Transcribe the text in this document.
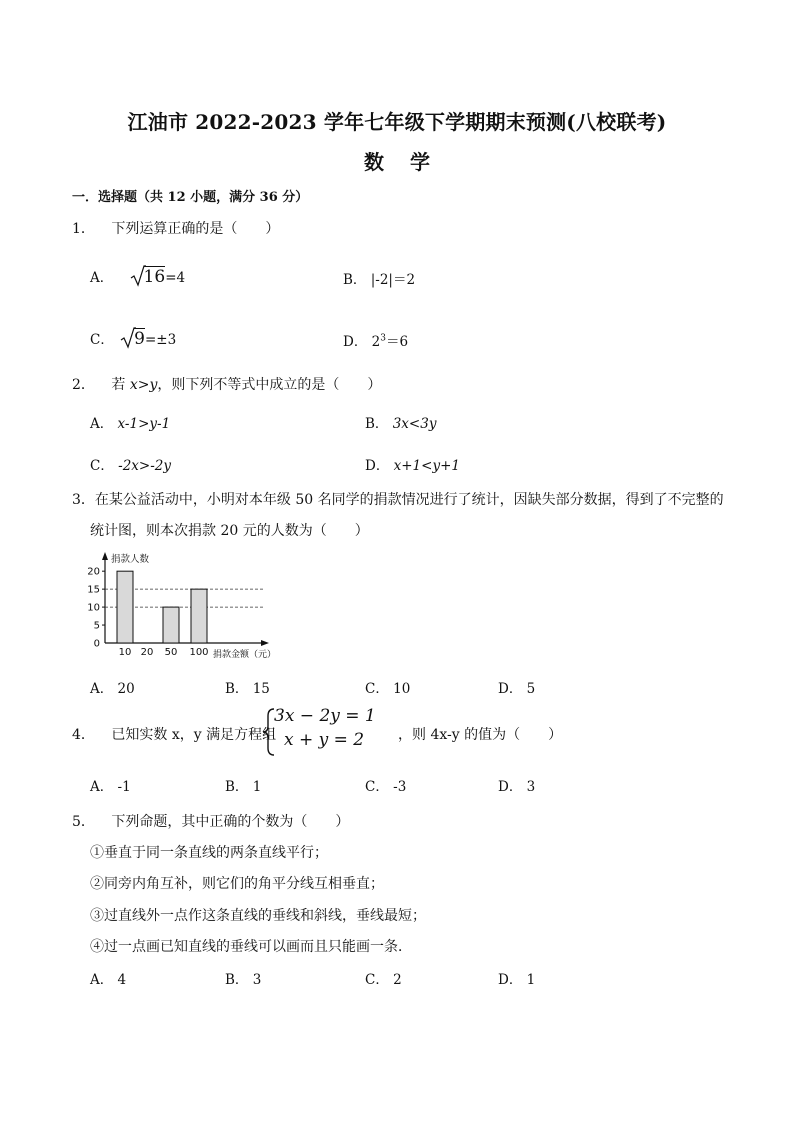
江油市 2022-2023 学年七年级下学期期末预测(八校联考)
数学
一．选择题（共 12 小题，满分 36 分）
1． 下列运算正确的是（　　）
A． 16=4	B． |-2|＝2
C． 9=±3	D． $2^3=6$
2． 若 x>y，则下列不等式中成立的是（　　）
A． x-1>y-1	B． 3x<3y
C． -2x>-2y	D． x+1<y+1
3．在某公益活动中，小明对本年级 50 名同学的捐款情况进行了统计，因缺失部分数据，得到了不完整的
统计图，则本次捐款 20 元的人数为（　　）
捐款人数
捐款金额（元）
0
5
10
15
20
10 20 50 100
A． 20	B． 15	C． 10	D． 5
4． 已知实数 x，y 满足方程组
3x − 2y = 1
x + y = 2 ，则 4x-y 的值为（　　）
A． -1	B． 1	C． -3	D． 3
5． 下列命题，其中正确的个数为（　　）
①垂直于同一条直线的两条直线平行；
②同旁内角互补，则它们的角平分线互相垂直；
③过直线外一点作这条直线的垂线和斜线，垂线最短；
④过一点画已知直线的垂线可以画而且只能画一条．
A． 4	B． 3	C． 2	D． 1
